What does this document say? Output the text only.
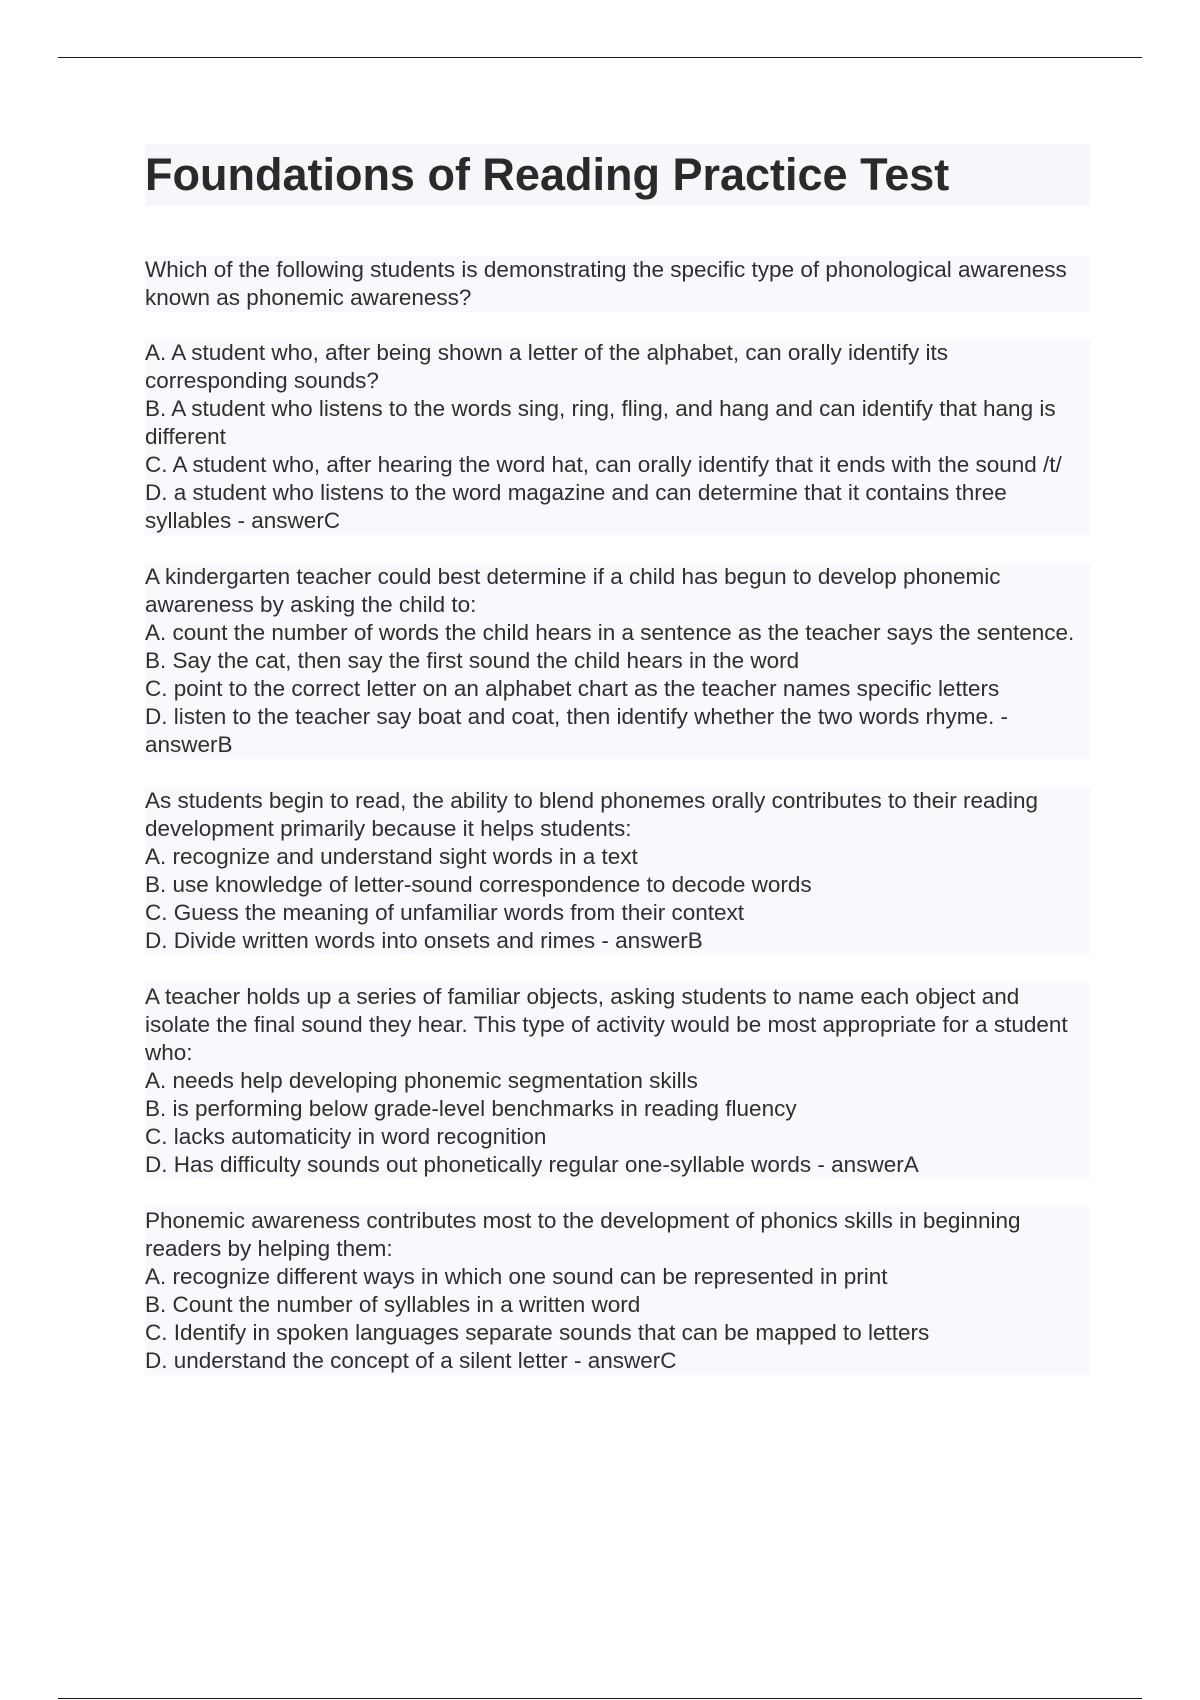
Foundations of Reading Practice Test

Which of the following students is demonstrating the specific type of phonological awareness known as phonemic awareness?

A. A student who, after being shown a letter of the alphabet, can orally identify its corresponding sounds?

B. A student who listens to the words sing, ring, fling, and hang and can identify that hang is different

C. A student who, after hearing the word hat, can orally identify that it ends with the sound /t/

D. a student who listens to the word magazine and can determine that it contains three syllables - answerC

A kindergarten teacher could best determine if a child has begun to develop phonemic awareness by asking the child to:

A. count the number of words the child hears in a sentence as the teacher says the sentence.

B. Say the cat, then say the first sound the child hears in the word

C. point to the correct letter on an alphabet chart as the teacher names specific letters

D. listen to the teacher say boat and coat, then identify whether the two words rhyme. - answerB

As students begin to read, the ability to blend phonemes orally contributes to their reading development primarily because it helps students:

A. recognize and understand sight words in a text

B. use knowledge of letter-sound correspondence to decode words

C. Guess the meaning of unfamiliar words from their context

D. Divide written words into onsets and rimes - answerB

A teacher holds up a series of familiar objects, asking students to name each object and isolate the final sound they hear. This type of activity would be most appropriate for a student who:

A. needs help developing phonemic segmentation skills

B. is performing below grade-level benchmarks in reading fluency

C. lacks automaticity in word recognition

D. Has difficulty sounds out phonetically regular one-syllable words - answerA

Phonemic awareness contributes most to the development of phonics skills in beginning readers by helping them:

A. recognize different ways in which one sound can be represented in print

B. Count the number of syllables in a written word

C. Identify in spoken languages separate sounds that can be mapped to letters

D. understand the concept of a silent letter - answerC
